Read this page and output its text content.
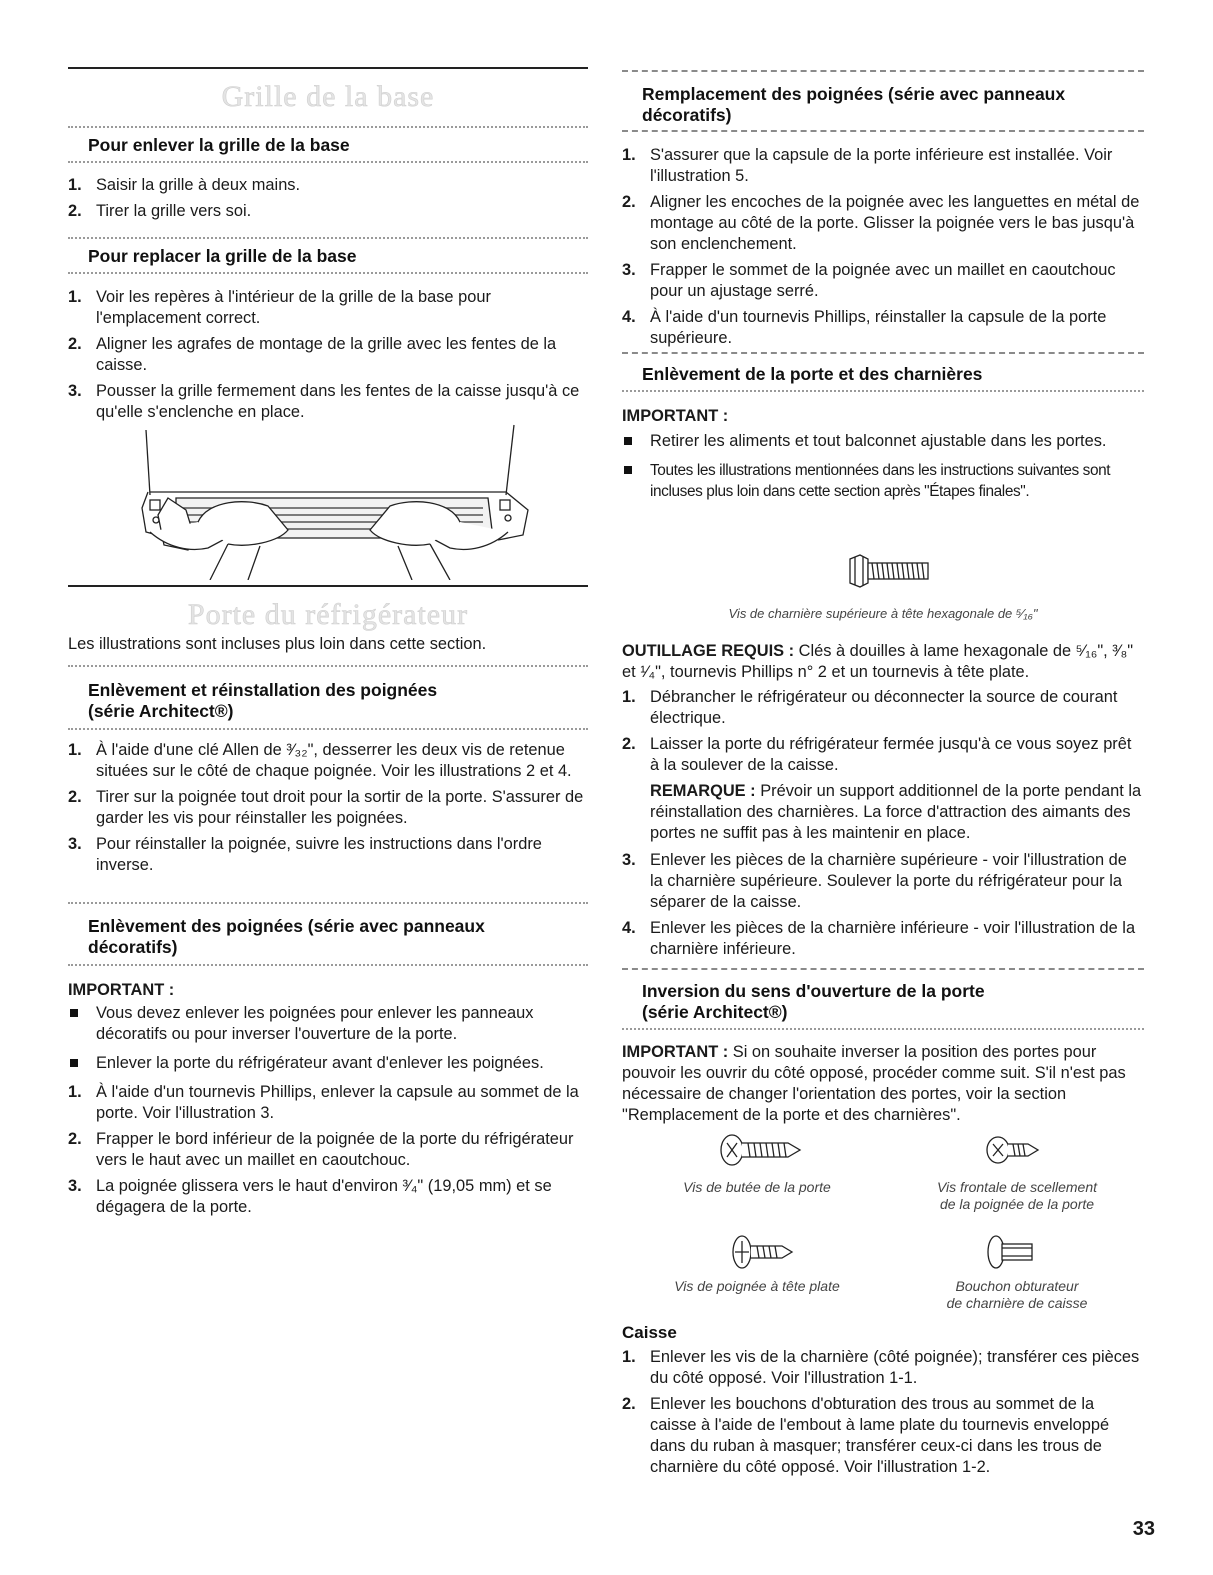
Grille de la base
Pour enlever la grille de la base
1. Saisir la grille à deux mains.
2. Tirer la grille vers soi.
Pour replacer la grille de la base
1. Voir les repères à l'intérieur de la grille de la base pour l'emplacement correct.
2. Aligner les agrafes de montage de la grille avec les fentes de la caisse.
3. Pousser la grille fermement dans les fentes de la caisse jusqu'à ce qu'elle s'enclenche en place.
Porte du réfrigérateur

Les illustrations sont incluses plus loin dans cette section.

Enlèvement et réinstallation des poignées
(série Architect®)
1. À l'aide d'une clé Allen de ³⁄₃₂", desserrer les deux vis de retenue situées sur le côté de chaque poignée. Voir les illustrations 2 et 4.
2. Tirer sur la poignée tout droit pour la sortir de la porte. S'assurer de garder les vis pour réinstaller les poignées.
3. Pour réinstaller la poignée, suivre les instructions dans l'ordre inverse.
Enlèvement des poignées (série avec panneaux
décoratifs)
IMPORTANT :
Vous devez enlever les poignées pour enlever les panneaux décoratifs ou pour inverser l'ouverture de la porte.
Enlever la porte du réfrigérateur avant d'enlever les poignées.
1. À l'aide d'un tournevis Phillips, enlever la capsule au sommet de la porte. Voir l'illustration 3.
2. Frapper le bord inférieur de la poignée de la porte du réfrigérateur vers le haut avec un maillet en caoutchouc.
3. La poignée glissera vers le haut d'environ ³⁄₄" (19,05 mm) et se dégagera de la porte.
Remplacement des poignées (série avec panneaux
décoratifs)
1. S'assurer que la capsule de la porte inférieure est installée. Voir l'illustration 5.
2. Aligner les encoches de la poignée avec les languettes en métal de montage au côté de la porte. Glisser la poignée vers le bas jusqu'à son enclenchement.
3. Frapper le sommet de la poignée avec un maillet en caoutchouc pour un ajustage serré.
4. À l'aide d'un tournevis Phillips, réinstaller la capsule de la porte supérieure.
Enlèvement de la porte et des charnières
IMPORTANT :
Retirer les aliments et tout balconnet ajustable dans les portes.
Toutes les illustrations mentionnées dans les instructions suivantes sont incluses plus loin dans cette section après "Étapes finales".
Vis de charnière supérieure à tête hexagonale de ⁵⁄₁₆"

OUTILLAGE REQUIS : Clés à douilles à lame hexagonale de ⁵⁄₁₆", ³⁄₈" et ¹⁄₄", tournevis Phillips n° 2 et un tournevis à tête plate.

1. Débrancher le réfrigérateur ou déconnecter la source de courant électrique.
2. Laisser la porte du réfrigérateur fermée jusqu'à ce vous soyez prêt à la soulever de la caisse.

REMARQUE : Prévoir un support additionnel de la porte pendant la réinstallation des charnières. La force d'attraction des aimants des portes ne suffit pas à les maintenir en place.

3. Enlever les pièces de la charnière supérieure - voir l'illustration de la charnière supérieure. Soulever la porte du réfrigérateur pour la séparer de la caisse.
4. Enlever les pièces de la charnière inférieure - voir l'illustration de la charnière inférieure.
Inversion du sens d'ouverture de la porte
(série Architect®)

IMPORTANT : Si on souhaite inverser la position des portes pour pouvoir les ouvrir du côté opposé, procéder comme suit. S'il n'est pas nécessaire de changer l'orientation des portes, voir la section "Remplacement de la porte et des charnières".

Vis de butée de la porte	Vis frontale de scellement
de la poignée de la porte
Vis de poignée à tête plate	Bouchon obturateur
de charnière de caisse
Caisse
1. Enlever les vis de la charnière (côté poignée); transférer ces pièces du côté opposé. Voir l'illustration 1-1.
2. Enlever les bouchons d'obturation des trous au sommet de la caisse à l'aide de l'embout à lame plate du tournevis enveloppé dans du ruban à masquer; transférer ceux-ci dans les trous de charnière du côté opposé. Voir l'illustration 1-2.
33
